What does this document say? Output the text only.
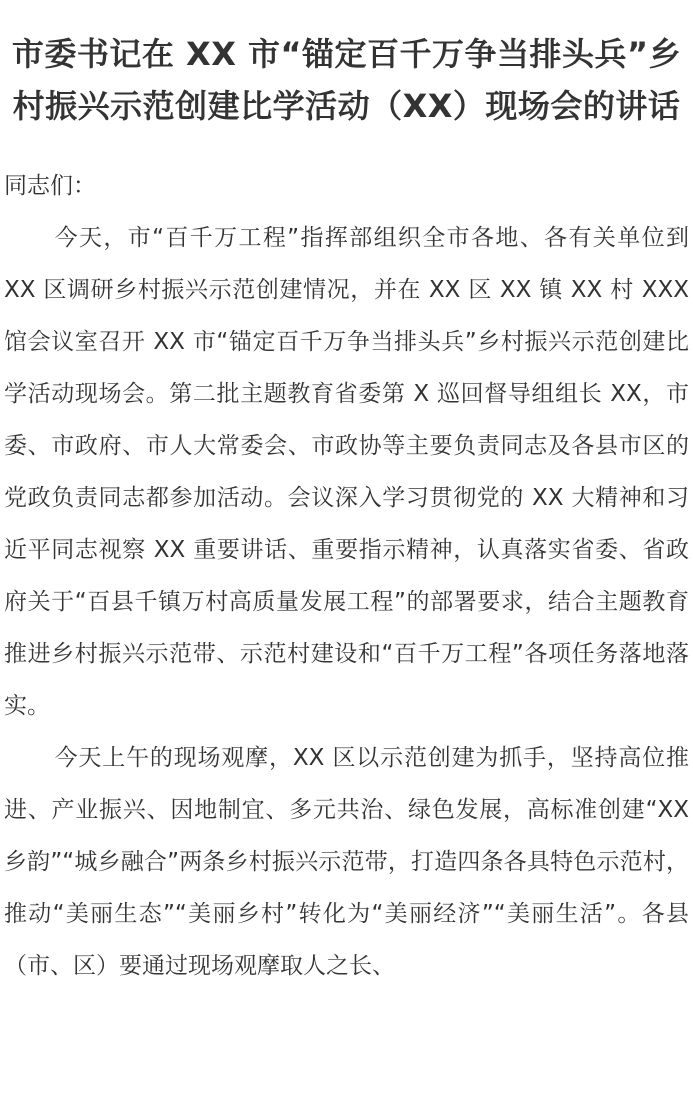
市委书记在 XX 市“锚定百千万争当排头兵”乡村振兴示范创建比学活动（XX）现场会的讲话

同志们：

今天，市“百千万工程”指挥部组织全市各地、各有关单位到 XX 区调研乡村振兴示范创建情况，并在 XX 区 XX 镇 XX 村 XXX 馆会议室召开 XX 市“锚定百千万争当排头兵”乡村振兴示范创建比学活动现场会。第二批主题教育省委第 X 巡回督导组组长 XX，市委、市政府、市人大常委会、市政协等主要负责同志及各县市区的党政负责同志都参加活动。会议深入学习贯彻党的 XX 大精神和习近平同志视察 XX 重要讲话、重要指示精神，认真落实省委、省政府关于“百县千镇万村高质量发展工程”的部署要求，结合主题教育推进乡村振兴示范带、示范村建设和“百千万工程”各项任务落地落实。

今天上午的现场观摩，XX 区以示范创建为抓手，坚持高位推进、产业振兴、因地制宜、多元共治、绿色发展，高标准创建“XX 乡韵”“城乡融合”两条乡村振兴示范带，打造四条各具特色示范村，推动“美丽生态”“美丽乡村”转化为“美丽经济”“美丽生活”。各县（市、区）要通过现场观摩取人之长、
